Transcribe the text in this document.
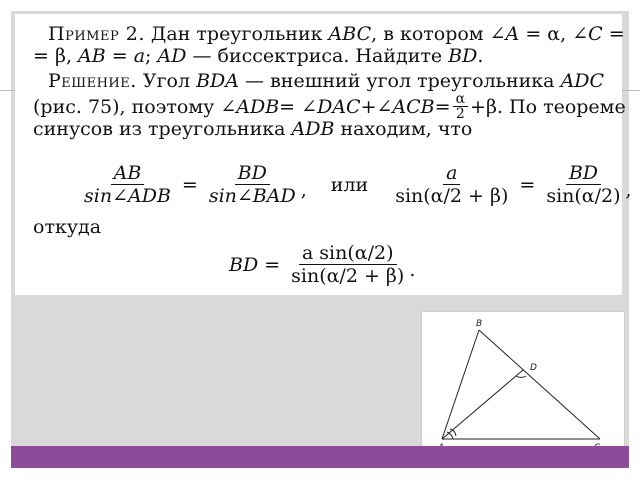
Пример 2. Дан треугольник ABC, в котором ∠A = α, ∠C =
= β, AB = a; AD — биссектриса. Найдите BD.
Решение. Угол BDA — внешний угол треугольника ADC
(рис. 75), поэтому ∠ ADB = ∠ DAC +∠ ACB = $\frac{\alpha}{2} +\beta$. По теореме
синусов из треугольника ADB находим, что
$\frac{AB}{\text{sin∠ADB}} = \frac{BD}{\text{sin∠BAD}}$ , или $\frac{a}{\sin(\alpha/2 + \beta)} = \frac{BD}{\sin(\alpha/2)}$ ,
откуда
BD = $\frac{\text{a sin(α/2)}}{\sin(\alpha/2 + \beta)}$ .
B
D
